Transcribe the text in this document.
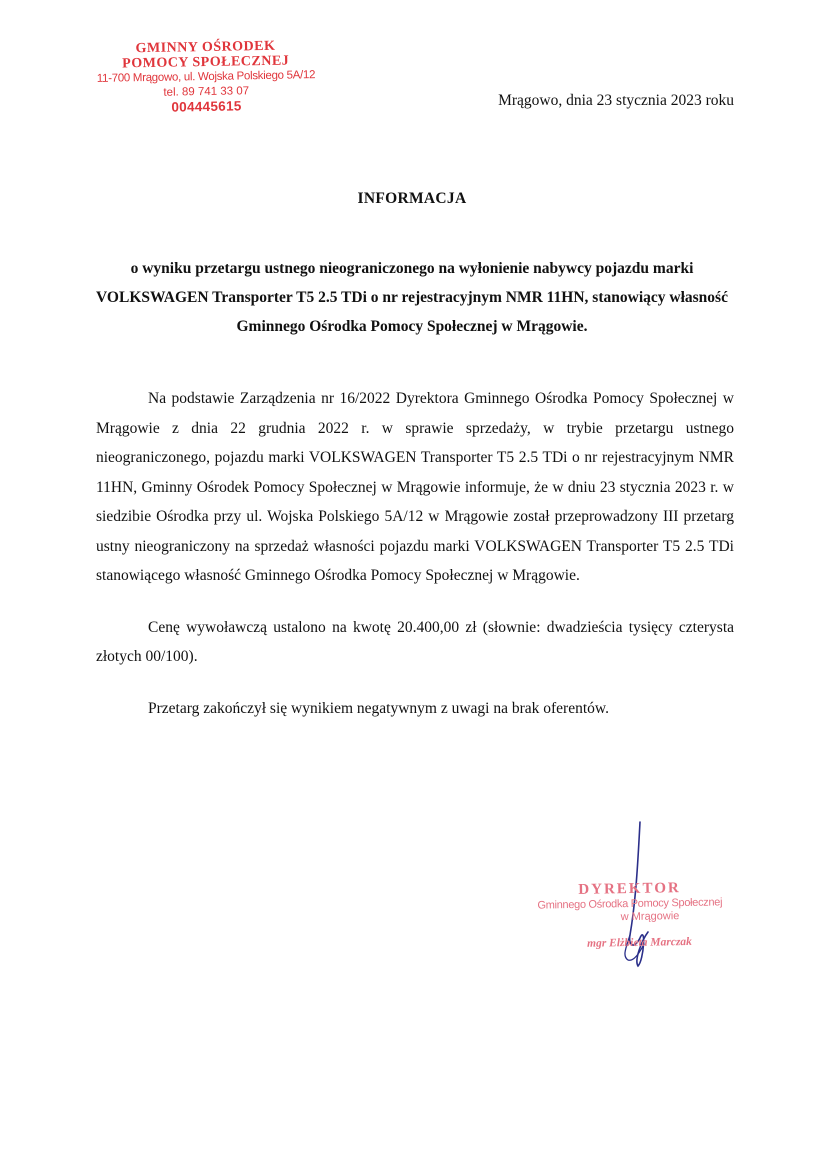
GMINNY OŚRODEK
POMOCY SPOŁECZNEJ
11-700 Mrągowo, ul. Wojska Polskiego 5A/12
tel. 89 741 33 07
004445615	Mrągowo, dnia 23 stycznia 2023 roku
INFORMACJA
o wyniku przetargu ustnego nieograniczonego na wyłonienie nabywcy pojazdu marki VOLKSWAGEN Transporter T5 2.5 TDi o nr rejestracyjnym NMR 11HN, stanowiący własność Gminnego Ośrodka Pomocy Społecznej w Mrągowie.

Na podstawie Zarządzenia nr 16/2022 Dyrektora Gminnego Ośrodka Pomocy Społecznej w Mrągowie z dnia 22 grudnia 2022 r. w sprawie sprzedaży, w trybie przetargu ustnego nieograniczonego, pojazdu marki VOLKSWAGEN Transporter T5 2.5 TDi o nr rejestracyjnym NMR 11HN, Gminny Ośrodek Pomocy Społecznej w Mrągowie informuje, że w dniu 23 stycznia 2023 r. w siedzibie Ośrodka przy ul. Wojska Polskiego 5A/12 w Mrągowie został przeprowadzony III przetarg ustny nieograniczony na sprzedaż własności pojazdu marki VOLKSWAGEN Transporter T5 2.5 TDi stanowiącego własność Gminnego Ośrodka Pomocy Społecznej w Mrągowie.

Cenę wywoławczą ustalono na kwotę 20.400,00 zł (słownie: dwadzieścia tysięcy czterysta złotych 00/100).

Przetarg zakończył się wynikiem negatywnym z uwagi na brak oferentów.

DYREKTOR
Gminnego Ośrodka Pomocy Społecznej
w Mrągowie
mgr Elżbieta Marczak
